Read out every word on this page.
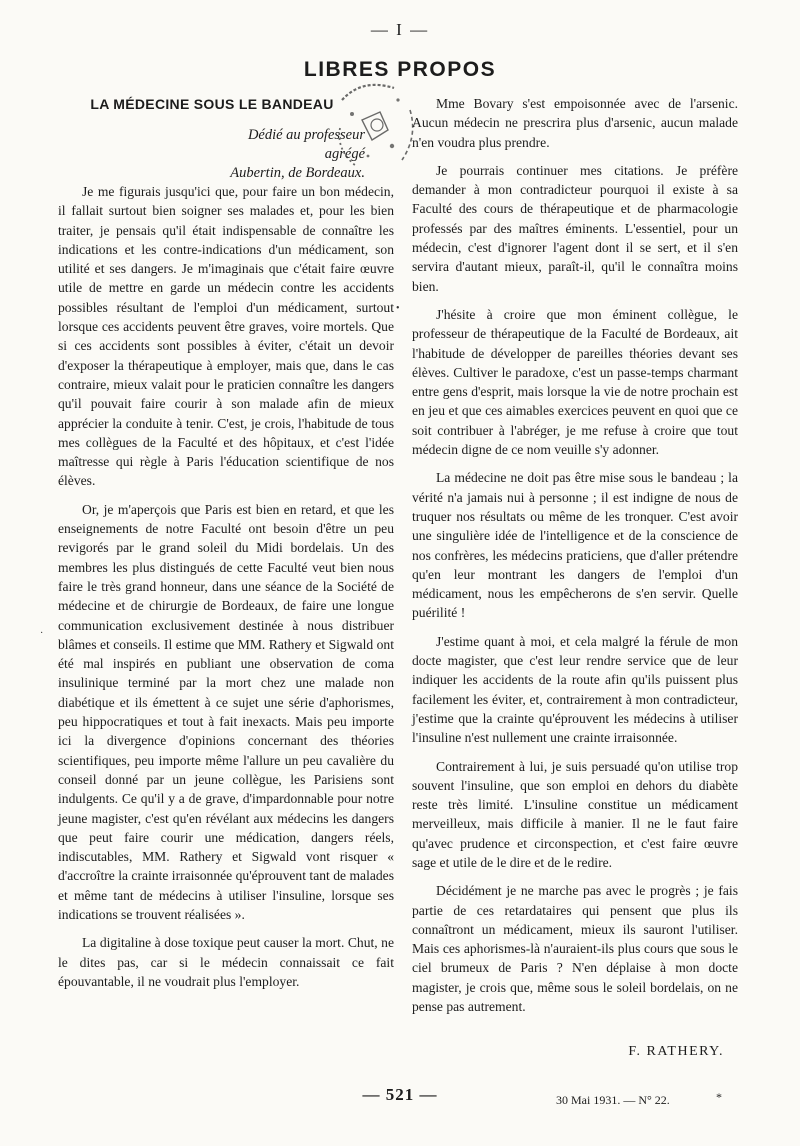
— I —
LIBRES PROPOS
LA MÉDECINE SOUS LE BANDEAU
Dédié au professeur agrégé
Aubertin, de Bordeaux.

Je me figurais jusqu'ici que, pour faire un bon médecin, il fallait surtout bien soigner ses malades et, pour les bien traiter, je pensais qu'il était indispensable de connaître les indications et les contre-indications d'un médicament, son utilité et ses dangers. Je m'imaginais que c'était faire œuvre utile de mettre en garde un médecin contre les accidents possibles résultant de l'emploi d'un médicament, surtout lorsque ces accidents peuvent être graves, voire mortels. Que si ces accidents sont possibles à éviter, c'était un devoir d'exposer la thérapeutique à employer, mais que, dans le cas contraire, mieux valait pour le praticien connaître les dangers qu'il pouvait faire courir à son malade afin de mieux apprécier la conduite à tenir. C'est, je crois, l'habitude de tous mes collègues de la Faculté et des hôpitaux, et c'est l'idée maîtresse qui règle à Paris l'éducation scientifique de nos élèves.

Or, je m'aperçois que Paris est bien en retard, et que les enseignements de notre Faculté ont besoin d'être un peu revigorés par le grand soleil du Midi bordelais. Un des membres les plus distingués de cette Faculté veut bien nous faire le très grand honneur, dans une séance de la Société de médecine et de chirurgie de Bordeaux, de faire une longue communication exclusivement destinée à nous distribuer blâmes et conseils. Il estime que MM. Rathery et Sigwald ont été mal inspirés en publiant une observation de coma insulinique terminé par la mort chez une malade non diabétique et ils émettent à ce sujet une série d'aphorismes, peu hippocratiques et tout à fait inexacts. Mais peu importe ici la divergence d'opinions concernant des théories scientifiques, peu importe même l'allure un peu cavalière du conseil donné par un jeune collègue, les Parisiens sont indulgents. Ce qu'il y a de grave, d'impardonnable pour notre jeune magister, c'est qu'en révélant aux médecins les dangers que peut faire courir une médication, dangers réels, indiscutables, MM. Rathery et Sigwald vont risquer « d'accroître la crainte irraisonnée qu'éprouvent tant de malades et même tant de médecins à utiliser l'insuline, lorsque ses indications se trouvent réalisées ».

La digitaline à dose toxique peut causer la mort. Chut, ne le dites pas, car si le médecin connaissait ce fait épouvantable, il ne voudrait plus l'employer.

Mme Bovary s'est empoisonnée avec de l'arsenic. Aucun médecin ne prescrira plus d'arsenic, aucun malade n'en voudra plus prendre.

Je pourrais continuer mes citations. Je préfère demander à mon contradicteur pourquoi il existe à sa Faculté des cours de thérapeutique et de pharmacologie professés par des maîtres éminents. L'essentiel, pour un médecin, c'est d'ignorer l'agent dont il se sert, et il s'en servira d'autant mieux, paraît-il, qu'il le connaîtra moins bien.

J'hésite à croire que mon éminent collègue, le professeur de thérapeutique de la Faculté de Bordeaux, ait l'habitude de développer de pareilles théories devant ses élèves. Cultiver le paradoxe, c'est un passe-temps charmant entre gens d'esprit, mais lorsque la vie de notre prochain est en jeu et que ces aimables exercices peuvent en quoi que ce soit contribuer à l'abréger, je me refuse à croire que tout médecin digne de ce nom veuille s'y adonner.

La médecine ne doit pas être mise sous le bandeau ; la vérité n'a jamais nui à personne ; il est indigne de nous de truquer nos résultats ou même de les tronquer. C'est avoir une singulière idée de l'intelligence et de la conscience de nos confrères, les médecins praticiens, que d'aller prétendre qu'en leur montrant les dangers de l'emploi d'un médicament, nous les empêcherons de s'en servir. Quelle puérilité !

J'estime quant à moi, et cela malgré la férule de mon docte magister, que c'est leur rendre service que de leur indiquer les accidents de la route afin qu'ils puissent plus facilement les éviter, et, contrairement à mon contradicteur, j'estime que la crainte qu'éprouvent les médecins à utiliser l'insuline n'est nullement une crainte irraisonnée.

Contrairement à lui, je suis persuadé qu'on utilise trop souvent l'insuline, que son emploi en dehors du diabète reste très limité. L'insuline constitue un médicament merveilleux, mais difficile à manier. Il ne le faut faire qu'avec prudence et circonspection, et c'est faire œuvre sage et utile de le dire et de le redire.

Décidément je ne marche pas avec le progrès ; je fais partie de ces retardataires qui pensent que plus ils connaîtront un médicament, mieux ils sauront l'utiliser. Mais ces aphorismes-là n'auraient-ils plus cours que sous le ciel brumeux de Paris ? N'en déplaise à mon docte magister, je crois que, même sous le soleil bordelais, on ne pense pas autrement.

F. RATHERY.
— 521 —	30 Mai 1931. — N° 22.	*
•
·
